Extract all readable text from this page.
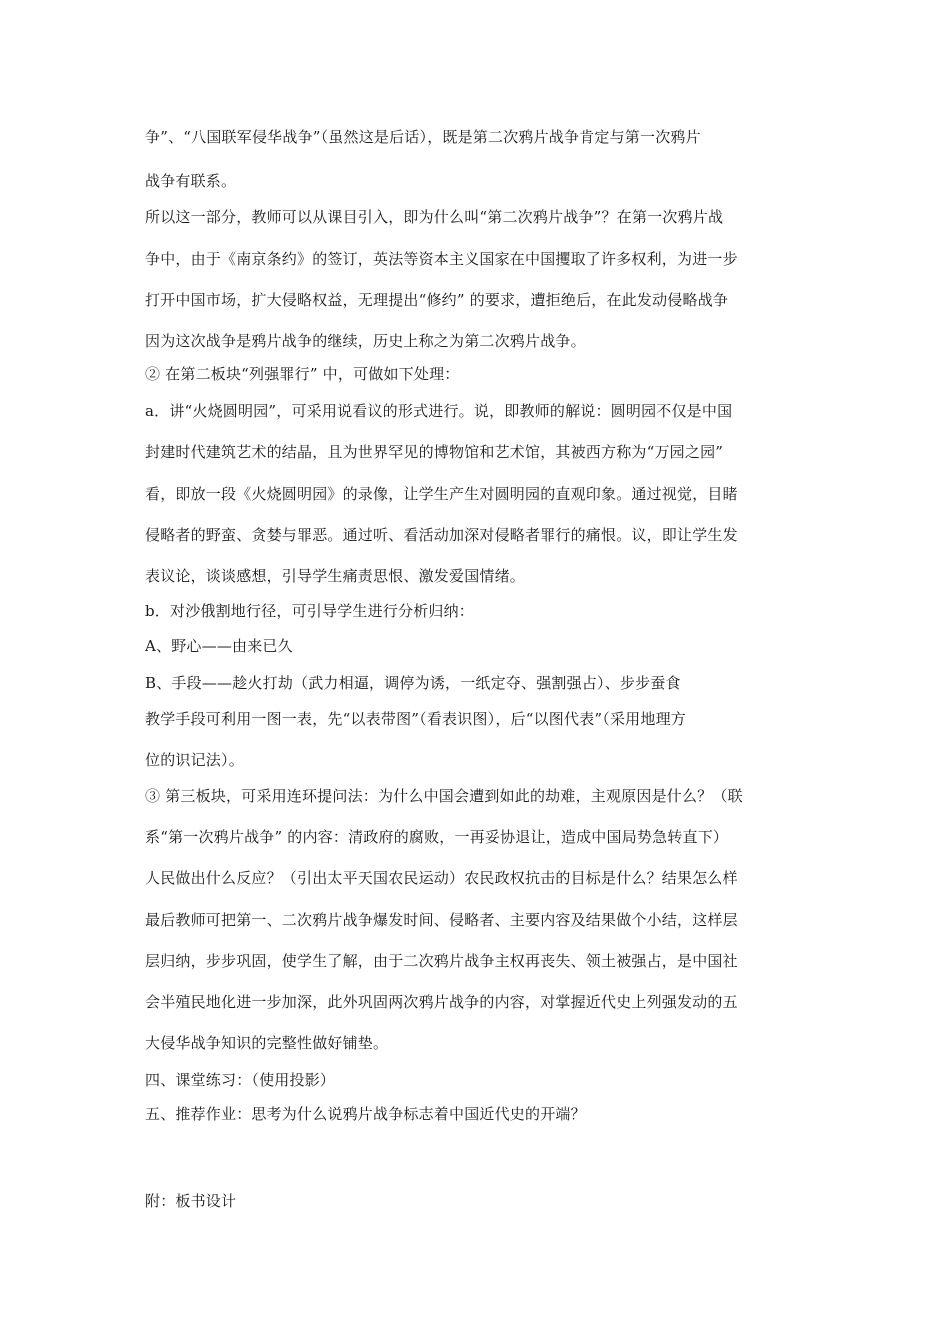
争”、“八国联军侵华战争”（虽然这是后话），既是第二次鸦片战争肯定与第一次鸦片
战争有联系。
所以这一部分，教师可以从课目引入，即为什么叫“第二次鸦片战争”？在第一次鸦片战
争中，由于《南京条约》的签订，英法等资本主义国家在中国攫取了许多权利，为进一步
打开中国市场，扩大侵略权益，无理提出“修约” 的要求，遭拒绝后，在此发动侵略战争
因为这次战争是鸦片战争的继续，历史上称之为第二次鸦片战争。
② 在第二板块“列强罪行” 中，可做如下处理：
a．讲“火烧圆明园”，可采用说看议的形式进行。说，即教师的解说：圆明园不仅是中国
封建时代建筑艺术的结晶，且为世界罕见的博物馆和艺术馆，其被西方称为“万园之园”
看，即放一段《火烧圆明园》的录像，让学生产生对圆明园的直观印象。通过视觉，目睹
侵略者的野蛮、贪婪与罪恶。通过听、看活动加深对侵略者罪行的痛恨。议，即让学生发
表议论，谈谈感想，引导学生痛责思恨、激发爱国情绪。
b．对沙俄割地行径，可引导学生进行分析归纳：
A、野心——由来已久
B、手段——趁火打劫（武力相逼，调停为诱，一纸定夺、强割强占）、步步蚕食
教学手段可利用一图一表，先“以表带图”（看表识图），后“以图代表”（采用地理方
位的识记法）。
③ 第三板块，可采用连环提问法：为什么中国会遭到如此的劫难，主观原因是什么？（联
系“第一次鸦片战争” 的内容：清政府的腐败，一再妥协退让，造成中国局势急转直下）
人民做出什么反应？（引出太平天国农民运动）农民政权抗击的目标是什么？结果怎么样
最后教师可把第一、二次鸦片战争爆发时间、侵略者、主要内容及结果做个小结，这样层
层归纳，步步巩固，使学生了解，由于二次鸦片战争主权再丧失、领土被强占，是中国社
会半殖民地化进一步加深，此外巩固两次鸦片战争的内容，对掌握近代史上列强发动的五
大侵华战争知识的完整性做好铺垫。
四、课堂练习：（使用投影）
五、推荐作业：思考为什么说鸦片战争标志着中国近代史的开端？
附：板书设计
